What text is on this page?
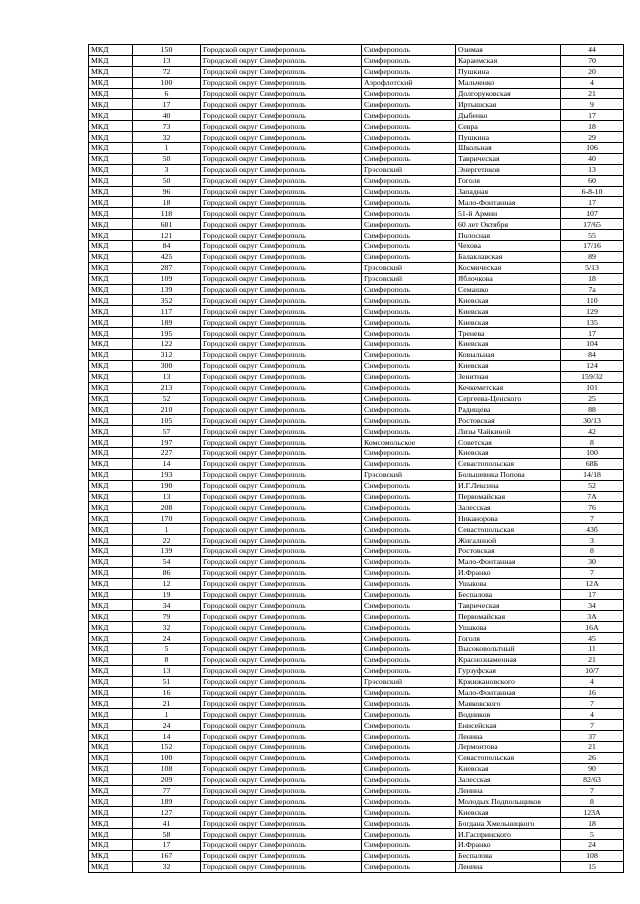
МКД	150	Городской округ Симферополь	Симферополь	Озимая	44
МКД	13	Городской округ Симферополь	Симферополь	Караимская	70
МКД	72	Городской округ Симферополь	Симферополь	Пушкина	20
МКД	100	Городской округ Симферополь	Аэрофлотский	Мальченко	4
МКД	6	Городской округ Симферополь	Симферополь	Долгоруковская	21
МКД	17	Городской округ Симферополь	Симферополь	Иртышская	9
МКД	40	Городской округ Симферополь	Симферополь	Дыбенко	17
МКД	73	Городской округ Симферополь	Симферополь	Севра	18
МКД	32	Городской округ Симферополь	Симферополь	Пушкина	29
МКД	1	Городской округ Симферополь	Симферополь	Школьная	106
МКД	50	Городской округ Симферополь	Симферополь	Таврическая	40
МКД	3	Городской округ Симферополь	Грэсовский	Энергетиков	13
МКД	50	Городской округ Симферополь	Симферополь	Гоголя	60
МКД	96	Городской округ Симферополь	Симферополь	Западная	6-8-10
МКД	18	Городской округ Симферополь	Симферополь	Мало-Фонтанная	17
МКД	118	Городской округ Симферополь	Симферополь	51-й Армии	107
МКД	681	Городской округ Симферополь	Симферополь	60 лет Октября	17/65
МКД	121	Городской округ Симферополь	Симферополь	Полосная	55
МКД	84	Городской округ Симферополь	Симферополь	Чехова	17/16
МКД	425	Городской округ Симферополь	Симферополь	Балаклавская	89
МКД	287	Городской округ Симферополь	Грэсовский	Космическая	5/13
МКД	109	Городской округ Симферополь	Грэсовский	Яблочкова	18
МКД	139	Городской округ Симферополь	Симферополь	Семашко	7а
МКД	352	Городской округ Симферополь	Симферополь	Киевская	110
МКД	117	Городской округ Симферополь	Симферополь	Киевская	129
МКД	189	Городской округ Симферополь	Симферополь	Киевская	135
МКД	195	Городской округ Симферополь	Симферополь	Тренева	17
МКД	122	Городской округ Симферополь	Симферополь	Киевская	104
МКД	312	Городской округ Симферополь	Симферополь	Ковыльная	84
МКД	300	Городской округ Симферополь	Симферополь	Киевская	124
МКД	13	Городской округ Симферополь	Симферополь	Зенитная	159/32
МКД	213	Городской округ Симферополь	Симферополь	Кечкеметская	101
МКД	52	Городской округ Симферополь	Симферополь	Сергеева-Ценского	25
МКД	210	Городской округ Симферополь	Симферополь	Радищева	88
МКД	105	Городской округ Симферополь	Симферополь	Ростовская	30/13
МКД	57	Городской округ Симферополь	Симферополь	Лизы Чайкиной	42
МКД	197	Городской округ Симферополь	Комсомольское	Советская	8
МКД	227	Городской округ Симферополь	Симферополь	Киевская	100
МКД	14	Городской округ Симферополь	Симферополь	Севастопольская	68Б
МКД	193	Городской округ Симферополь	Грэсовский	Большевика Попова	14/18
МКД	190	Городской округ Симферополь	Симферополь	И.Г.Лексина	52
МКД	13	Городской округ Симферополь	Симферополь	Первомайская	7А
МКД	208	Городской округ Симферополь	Симферополь	Залесская	76
МКД	170	Городской округ Симферополь	Симферополь	Никанорова	7
МКД	1	Городской округ Симферополь	Симферополь	Севастопольская	43б
МКД	22	Городской округ Симферополь	Симферополь	Жигалиной	3
МКД	139	Городской округ Симферополь	Симферополь	Ростовская	8
МКД	54	Городской округ Симферополь	Симферополь	Мало-Фонтанная	30
МКД	86	Городской округ Симферополь	Симферополь	И.Франко	7
МКД	12	Городской округ Симферополь	Симферополь	Ушакова	12А
МКД	19	Городской округ Симферополь	Симферополь	Беспалова	17
МКД	34	Городской округ Симферополь	Симферополь	Таврическая	34
МКД	79	Городской округ Симферополь	Симферополь	Первомайская	3А
МКД	32	Городской округ Симферополь	Симферополь	Ушакова	16А
МКД	24	Городской округ Симферополь	Симферополь	Гоголя	45
МКД	5	Городской округ Симферополь	Симферополь	Высоковольтный	11
МКД	8	Городской округ Симферополь	Симферополь	Краснознаменная	21
МКД	13	Городской округ Симферополь	Симферополь	Гурзуфская	10/7
МКД	51	Городской округ Симферополь	Грэсовский	Кржижановского	4
МКД	16	Городской округ Симферополь	Симферополь	Мало-Фонтанная	16
МКД	21	Городской округ Симферополь	Симферополь	Маяковского	7
МКД	1	Городской округ Симферополь	Симферополь	Водников	4
МКД	24	Городской округ Симферополь	Симферополь	Енисейская	7
МКД	14	Городской округ Симферополь	Симферополь	Ленина	37
МКД	152	Городской округ Симферополь	Симферополь	Лермонтова	21
МКД	100	Городской округ Симферополь	Симферополь	Севастопольская	26
МКД	108	Городской округ Симферополь	Симферополь	Киевская	90
МКД	209	Городской округ Симферополь	Симферополь	Залесская	82/63
МКД	77	Городской округ Симферополь	Симферополь	Ленина	7
МКД	189	Городской округ Симферополь	Симферополь	Молодых Подпольщиков	8
МКД	127	Городской округ Симферополь	Симферополь	Киевская	123А
МКД	41	Городской округ Симферополь	Симферополь	Богдана Хмельницкого	18
МКД	58	Городской округ Симферополь	Симферополь	И.Гаспринского	5
МКД	17	Городской округ Симферополь	Симферополь	И.Франко	24
МКД	167	Городской округ Симферополь	Симферополь	Беспалова	108
МКД	32	Городской округ Симферополь	Симферополь	Ленина	15
